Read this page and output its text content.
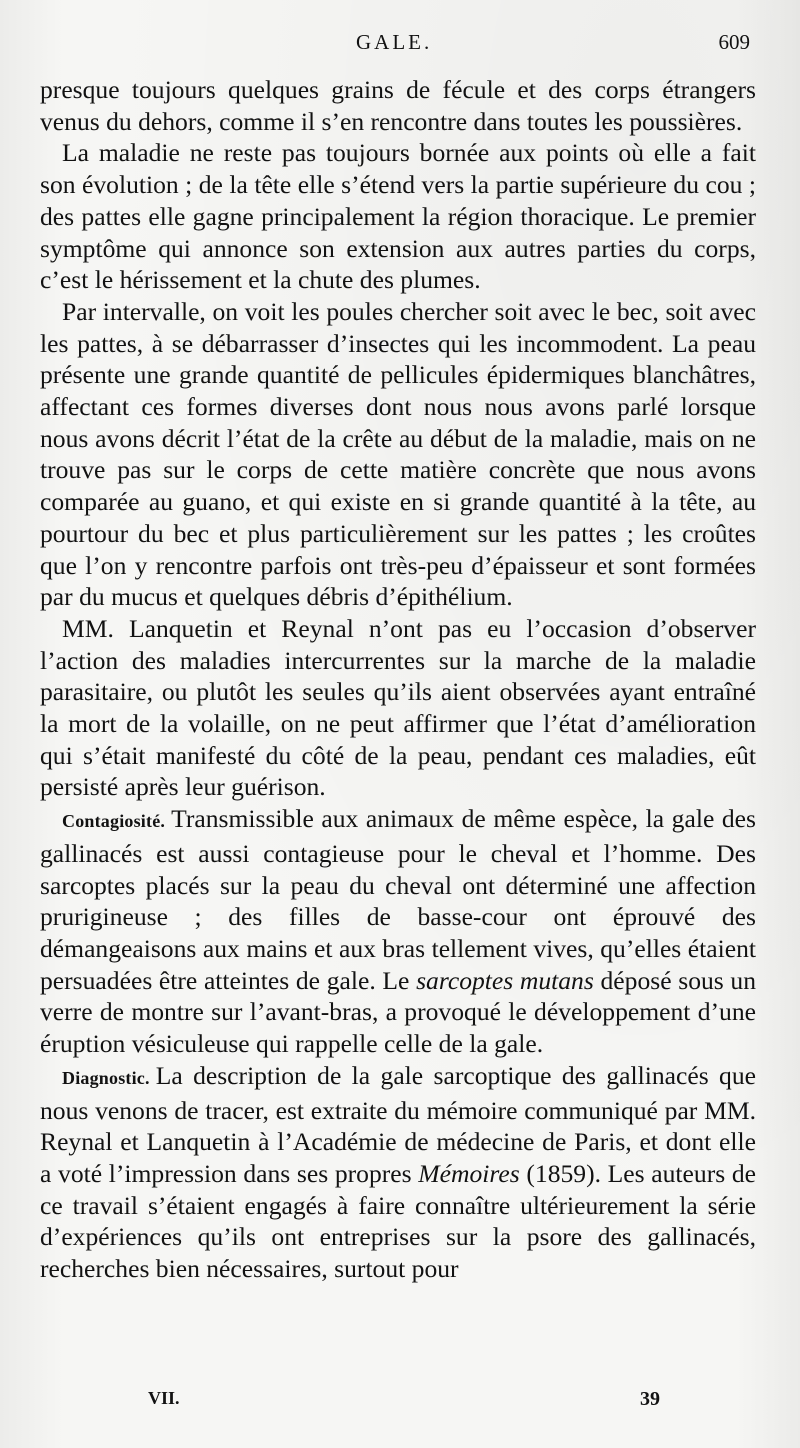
GALE.	609

presque toujours quelques grains de fécule et des corps étrangers venus du dehors, comme il s’en rencontre dans toutes les poussières.

La maladie ne reste pas toujours bornée aux points où elle a fait son évolution ; de la tête elle s’étend vers la partie supérieure du cou ; des pattes elle gagne principalement la région thoracique. Le premier symptôme qui annonce son extension aux autres parties du corps, c’est le hérissement et la chute des plumes.

Par intervalle, on voit les poules chercher soit avec le bec, soit avec les pattes, à se débarrasser d’insectes qui les incommodent. La peau présente une grande quantité de pellicules épidermiques blanchâtres, affectant ces formes diverses dont nous nous avons parlé lorsque nous avons décrit l’état de la crête au début de la maladie, mais on ne trouve pas sur le corps de cette matière concrète que nous avons comparée au guano, et qui existe en si grande quantité à la tête, au pourtour du bec et plus particulièrement sur les pattes ; les croûtes que l’on y rencontre parfois ont très-peu d’épaisseur et sont formées par du mucus et quelques débris d’épithélium.

MM. Lanquetin et Reynal n’ont pas eu l’occasion d’observer l’action des maladies intercurrentes sur la marche de la maladie parasitaire, ou plutôt les seules qu’ils aient observées ayant entraîné la mort de la volaille, on ne peut affirmer que l’état d’amélioration qui s’était manifesté du côté de la peau, pendant ces maladies, eût persisté après leur guérison.

Contagiosité. Transmissible aux animaux de même espèce, la gale des gallinacés est aussi contagieuse pour le cheval et l’homme. Des sarcoptes placés sur la peau du cheval ont déterminé une affection prurigineuse ; des filles de basse-cour ont éprouvé des démangeaisons aux mains et aux bras tellement vives, qu’elles étaient persuadées être atteintes de gale. Le sarcoptes mutans déposé sous un verre de montre sur l’avant-bras, a provoqué le développement d’une éruption vésiculeuse qui rappelle celle de la gale.

Diagnostic. La description de la gale sarcoptique des gallinacés que nous venons de tracer, est extraite du mémoire communiqué par MM. Reynal et Lanquetin à l’Académie de médecine de Paris, et dont elle a voté l’impression dans ses propres Mémoires (1859). Les auteurs de ce travail s’étaient engagés à faire connaître ultérieurement la série d’expériences qu’ils ont entreprises sur la psore des gallinacés, recherches bien nécessaires, surtout pour

VII.	39
